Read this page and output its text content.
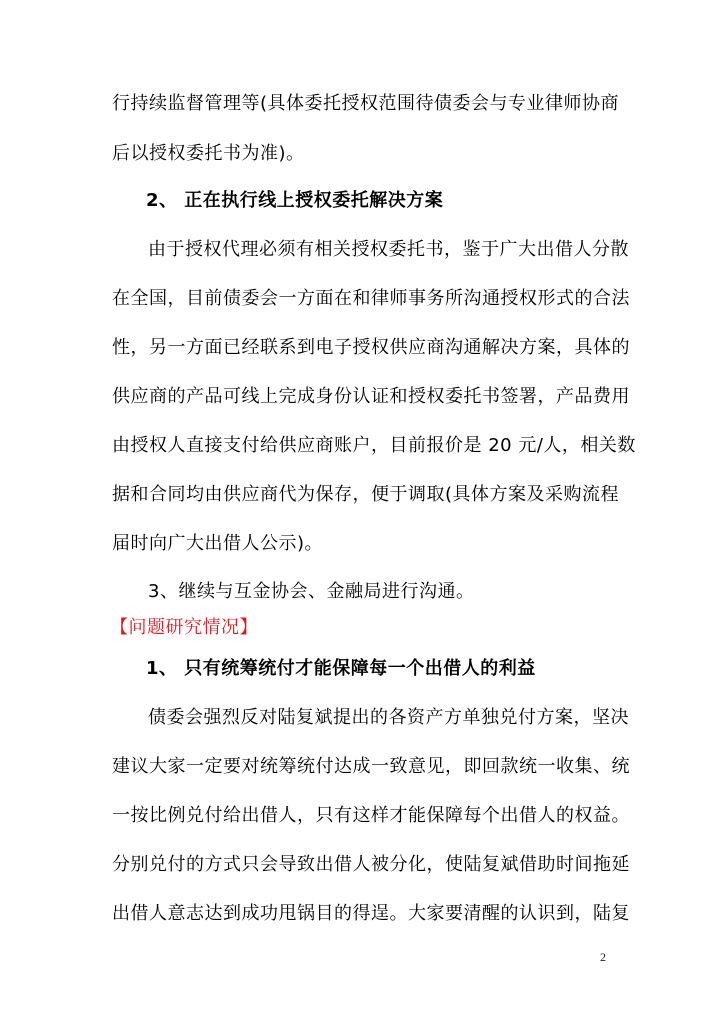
行持续监督管理等(具体委托授权范围待债委会与专业律师协商
后以授权委托书为准)。
2、 正在执行线上授权委托解决方案
由于授权代理必须有相关授权委托书，鉴于广大出借人分散
在全国，目前债委会一方面在和律师事务所沟通授权形式的合法
性，另一方面已经联系到电子授权供应商沟通解决方案，具体的
供应商的产品可线上完成身份认证和授权委托书签署，产品费用
由授权人直接支付给供应商账户，目前报价是 20 元/人，相关数
据和合同均由供应商代为保存，便于调取(具体方案及采购流程
届时向广大出借人公示)。
3、继续与互金协会、金融局进行沟通。
【问题研究情况】
1、 只有统筹统付才能保障每一个出借人的利益
债委会强烈反对陆复斌提出的各资产方单独兑付方案，坚决
建议大家一定要对统筹统付达成一致意见，即回款统一收集、统
一按比例兑付给出借人，只有这样才能保障每个出借人的权益。
分别兑付的方式只会导致出借人被分化，使陆复斌借助时间拖延
出借人意志达到成功甩锅目的得逞。大家要清醒的认识到，陆复
2
